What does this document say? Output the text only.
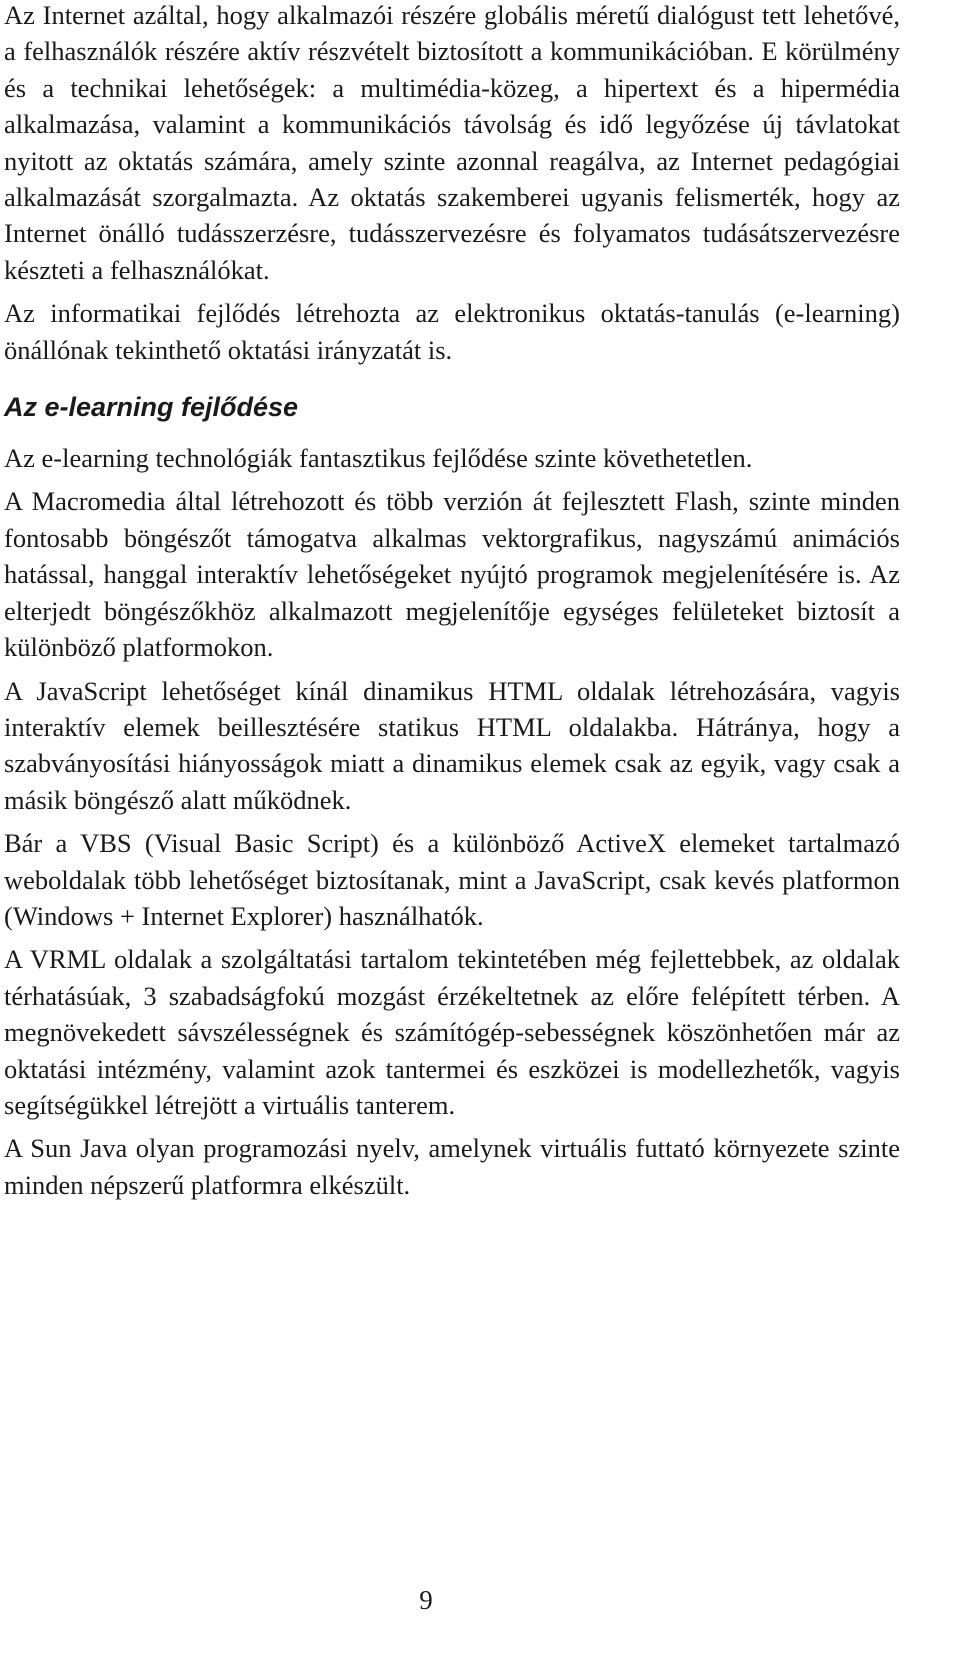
Az Internet azáltal, hogy alkalmazói részére globális méretű dialógust tett lehetővé, a felhasználók részére aktív részvételt biztosított a kommunikációban. E körülmény és a technikai lehetőségek: a multimédia-közeg, a hipertext és a hipermédia alkalmazása, valamint a kommunikációs távolság és idő legyőzése új távlatokat nyitott az oktatás számára, amely szinte azonnal reagálva, az Internet pedagógiai alkalmazását szorgalmazta. Az oktatás szakemberei ugyanis felismerték, hogy az Internet önálló tudásszerzésre, tudásszervezésre és folyamatos tudásátszervezésre készteti a felhasználókat.

Az informatikai fejlődés létrehozta az elektronikus oktatás-tanulás (e-learning) önállónak tekinthető oktatási irányzatát is.

Az e-learning fejlődése

Az e-learning technológiák fantasztikus fejlődése szinte követhetetlen.

A Macromedia által létrehozott és több verzión át fejlesztett Flash, szinte minden fontosabb böngészőt támogatva alkalmas vektorgrafikus, nagyszámú animációs hatással, hanggal interaktív lehetőségeket nyújtó programok megjelenítésére is. Az elterjedt böngészőkhöz alkalmazott megjelenítője egységes felületeket biztosít a különböző platformokon.

A JavaScript lehetőséget kínál dinamikus HTML oldalak létrehozására, vagyis interaktív elemek beillesztésére statikus HTML oldalakba. Hátránya, hogy a szabványosítási hiányosságok miatt a dinamikus elemek csak az egyik, vagy csak a másik böngésző alatt működnek.

Bár a VBS (Visual Basic Script) és a különböző ActiveX elemeket tartalmazó weboldalak több lehetőséget biztosítanak, mint a JavaScript, csak kevés platformon (Windows + Internet Explorer) használhatók.

A VRML oldalak a szolgáltatási tartalom tekintetében még fejlettebbek, az oldalak térhatásúak, 3 szabadságfokú mozgást érzékeltetnek az előre felépített térben. A megnövekedett sávszélességnek és számítógép-sebességnek köszönhetően már az oktatási intézmény, valamint azok tantermei és eszközei is modellezhetők, vagyis segítségükkel létrejött a virtuális tanterem.

A Sun Java olyan programozási nyelv, amelynek virtuális futtató környezete szinte minden népszerű platformra elkészült.

9
